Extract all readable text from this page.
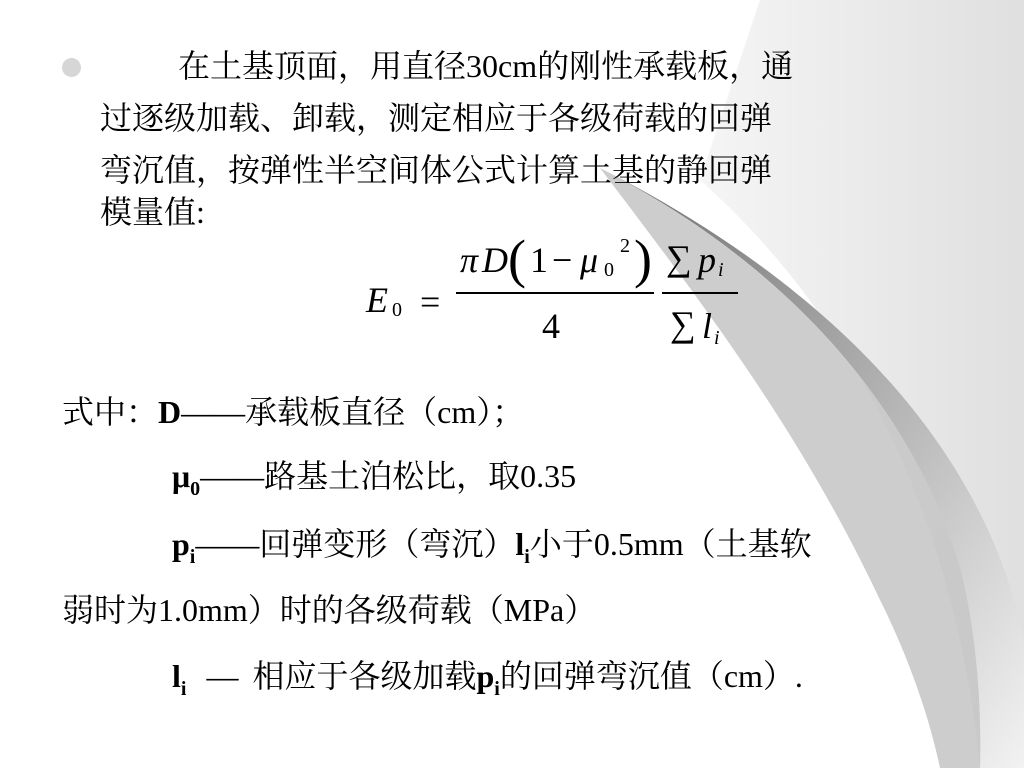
在土基顶面，用直径30cm的刚性承载板，通
过逐级加载、卸载，测定相应于各级荷载的回弹
弯沉值，按弹性半空间体公式计算土基的静回弹
模量值:
E 0 =
π D ( 1 − μ 0
2 )
4
∑ p i
∑ l i
式中：D——承载板直径（cm）；
$\mu_0——$路基土泊松比，取0.35
$p_i——$回弹变形（弯沉）$l_i$小于0.5mm（土基软
弱时为1.0mm）时的各级荷载（MPa）
$l_i$ — 相应于各级加载$p_i$的回弹弯沉值（cm）.
